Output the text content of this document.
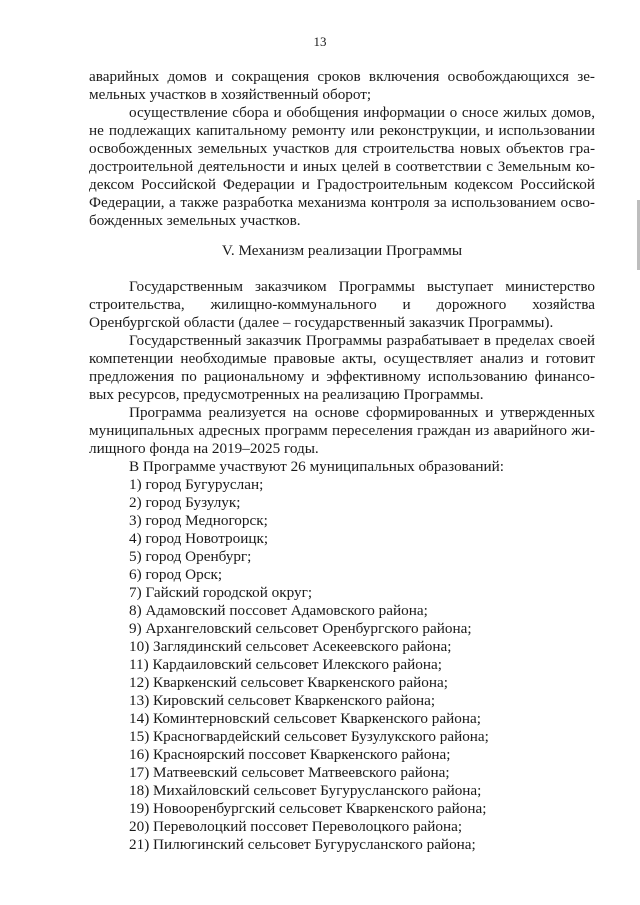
13
аварийных домов и сокращения сроков включения освобождающихся зе-
мельных участков в хозяйственный оборот;
осуществление сбора и обобщения информации о сносе жилых домов,
не подлежащих капитальному ремонту или реконструкции, и использовании
освобожденных земельных участков для строительства новых объектов гра-
достроительной деятельности и иных целей в соответствии с Земельным ко-
дексом Российской Федерации и Градостроительным кодексом Российской
Федерации, а также разработка механизма контроля за использованием осво-
божденных земельных участков.
V. Механизм реализации Программы
Государственным заказчиком Программы выступает министерство
строительства, жилищно-коммунального и дорожного хозяйства
Оренбургской области (далее – государственный заказчик Программы).
Государственный заказчик Программы разрабатывает в пределах своей
компетенции необходимые правовые акты, осуществляет анализ и готовит
предложения по рациональному и эффективному использованию финансо-
вых ресурсов, предусмотренных на реализацию Программы.
Программа реализуется на основе сформированных и утвержденных
муниципальных адресных программ переселения граждан из аварийного жи-
лищного фонда на 2019–2025 годы.
В Программе участвуют 26 муниципальных образований:
1) город Бугуруслан;
2) город Бузулук;
3) город Медногорск;
4) город Новотроицк;
5) город Оренбург;
6) город Орск;
7) Гайский городской округ;
8) Адамовский поссовет Адамовского района;
9) Архангеловский сельсовет Оренбургского района;
10) Заглядинский сельсовет Асекеевского района;
11) Кардаиловский сельсовет Илекского района;
12) Кваркенский сельсовет Кваркенского района;
13) Кировский сельсовет Кваркенского района;
14) Коминтерновский сельсовет Кваркенского района;
15) Красногвардейский сельсовет Бузулукского района;
16) Красноярский поссовет Кваркенского района;
17) Матвеевский сельсовет Матвеевского района;
18) Михайловский сельсовет Бугурусланского района;
19) Новооренбургский сельсовет Кваркенского района;
20) Переволоцкий поссовет Переволоцкого района;
21) Пилюгинский сельсовет Бугурусланского района;
